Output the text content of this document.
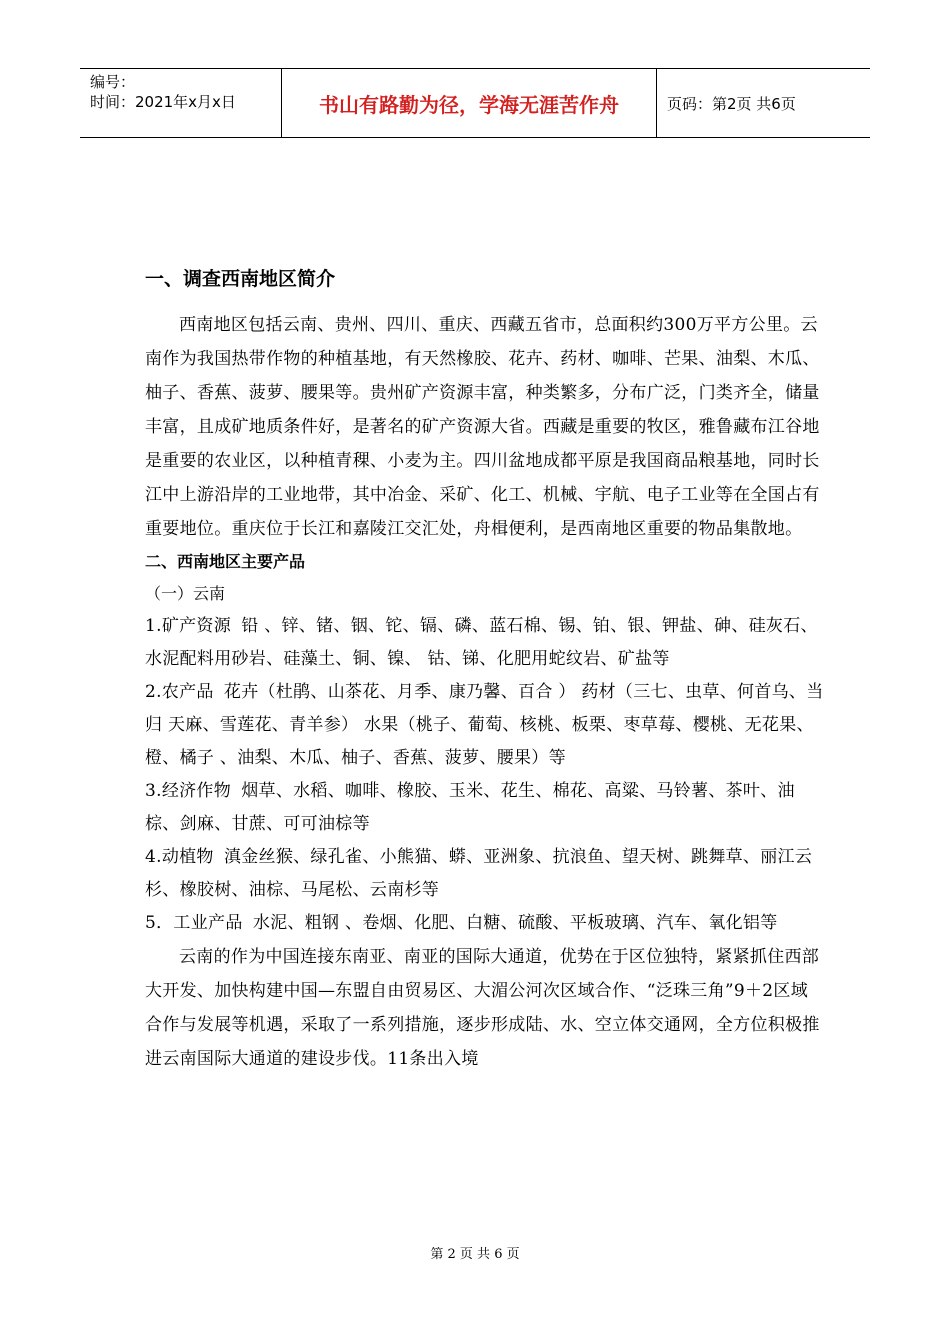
编号：
时间：2021年x月x日	书山有路勤为径，学海无涯苦作舟	页码：第2页 共6页
一、调查西南地区简介

西南地区包括云南、贵州、四川、重庆、西藏五省市，总面积约300万平方公里。云南作为我国热带作物的种植基地，有天然橡胶、花卉、药材、咖啡、芒果、油梨、木瓜、柚子、香蕉、菠萝、腰果等。贵州矿产资源丰富，种类繁多，分布广泛，门类齐全，储量丰富，且成矿地质条件好，是著名的矿产资源大省。西藏是重要的牧区，雅鲁藏布江谷地是重要的农业区，以种植青稞、小麦为主。四川盆地成都平原是我国商品粮基地，同时长江中上游沿岸的工业地带，其中冶金、采矿、化工、机械、宇航、电子工业等在全国占有重要地位。重庆位于长江和嘉陵江交汇处，舟楫便利，是西南地区重要的物品集散地。

二、西南地区主要产品
（一）云南

1.矿产资源 铅 、锌、锗、铟、铊、镉、磷、蓝石棉、锡、铂、银、钾盐、砷、硅灰石、水泥配料用砂岩、硅藻土、铜、镍、 钴、锑、化肥用蛇纹岩、矿盐等

2.农产品 花卉（杜鹃、山茶花、月季、康乃馨、百合 ） 药材（三七、虫草、何首乌、当归 天麻、雪莲花、青羊参） 水果（桃子、葡萄、核桃、板栗、枣草莓、樱桃、无花果、橙、橘子 、油梨、木瓜、柚子、香蕉、菠萝、腰果）等

3.经济作物 烟草、水稻、咖啡、橡胶、玉米、花生、棉花、高粱、马铃薯、茶叶、油棕、剑麻、甘蔗、可可油棕等

4.动植物 滇金丝猴、绿孔雀、小熊猫、蟒、亚洲象、抗浪鱼、望天树、跳舞草、丽江云杉、橡胶树、油棕、马尾松、云南杉等

5．工业产品 水泥、粗钢 、卷烟、化肥、白糖、硫酸、平板玻璃、汽车、氧化铝等

云南的作为中国连接东南亚、南亚的国际大通道，优势在于区位独特，紧紧抓住西部大开发、加快构建中国—东盟自由贸易区、大湄公河次区域合作、“泛珠三角”9＋2区域合作与发展等机遇，采取了一系列措施，逐步形成陆、水、空立体交通网，全方位积极推进云南国际大通道的建设步伐。11条出入境

第 2 页 共 6 页
